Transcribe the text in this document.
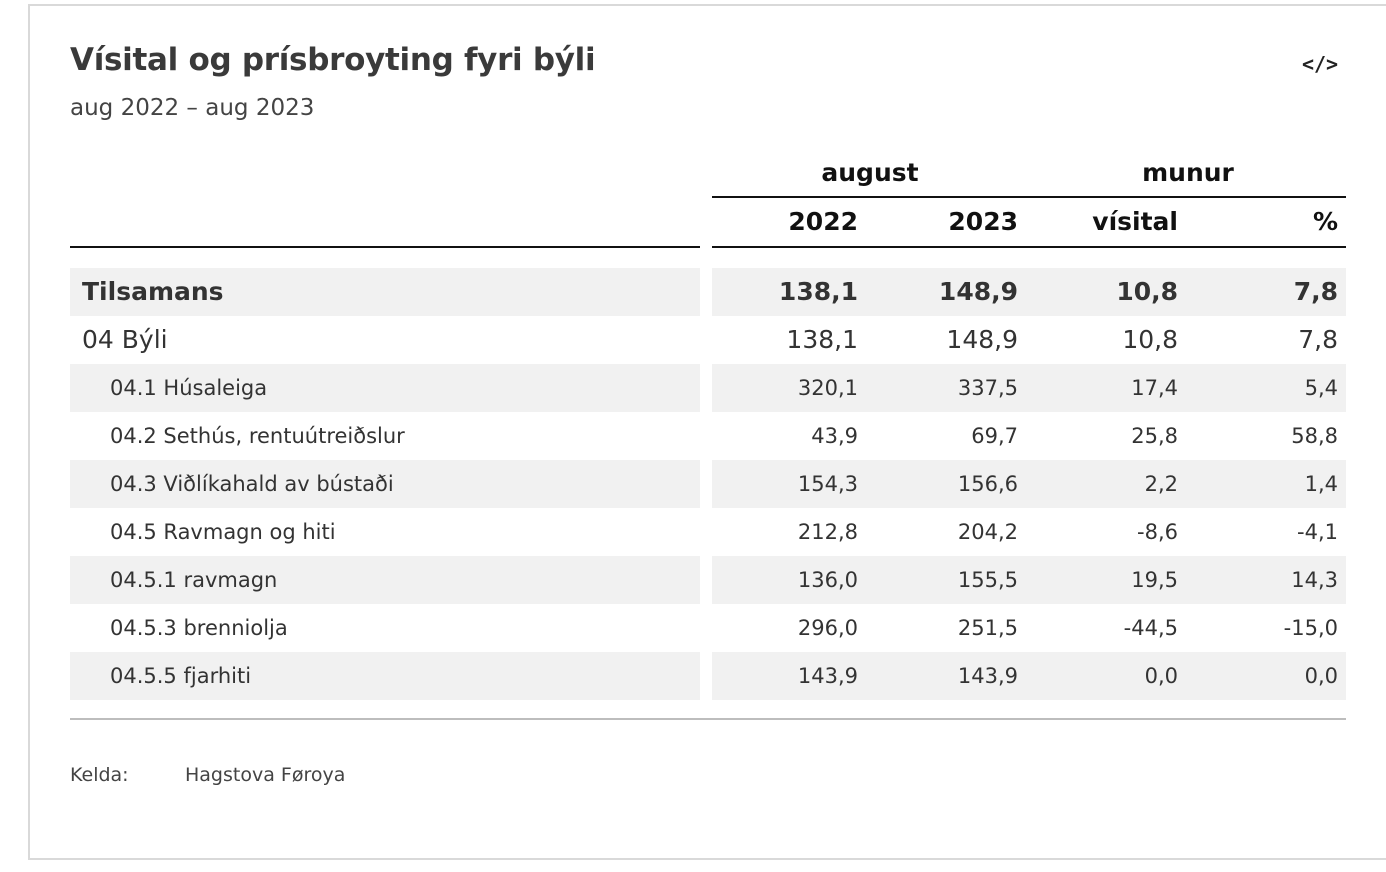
Vísital og prísbroyting fyri býli
aug 2022 – aug 2023
</>
august	munur
2022	2023	vísital	%
Tilsamans	138,1	148,9	10,8	7,8
04 Býli	138,1	148,9	10,8	7,8
04.1 Húsaleiga	320,1	337,5	17,4	5,4
04.2 Sethús, rentuútreiðslur	43,9	69,7	25,8	58,8
04.3 Viðlíkahald av bústaði	154,3	156,6	2,2	1,4
04.5 Ravmagn og hiti	212,8	204,2	-8,6	-4,1
04.5.1 ravmagn	136,0	155,5	19,5	14,3
04.5.3 brenniolja	296,0	251,5	-44,5	-15,0
04.5.5 fjarhiti	143,9	143,9	0,0	0,0
Kelda:	Hagstova Føroya
